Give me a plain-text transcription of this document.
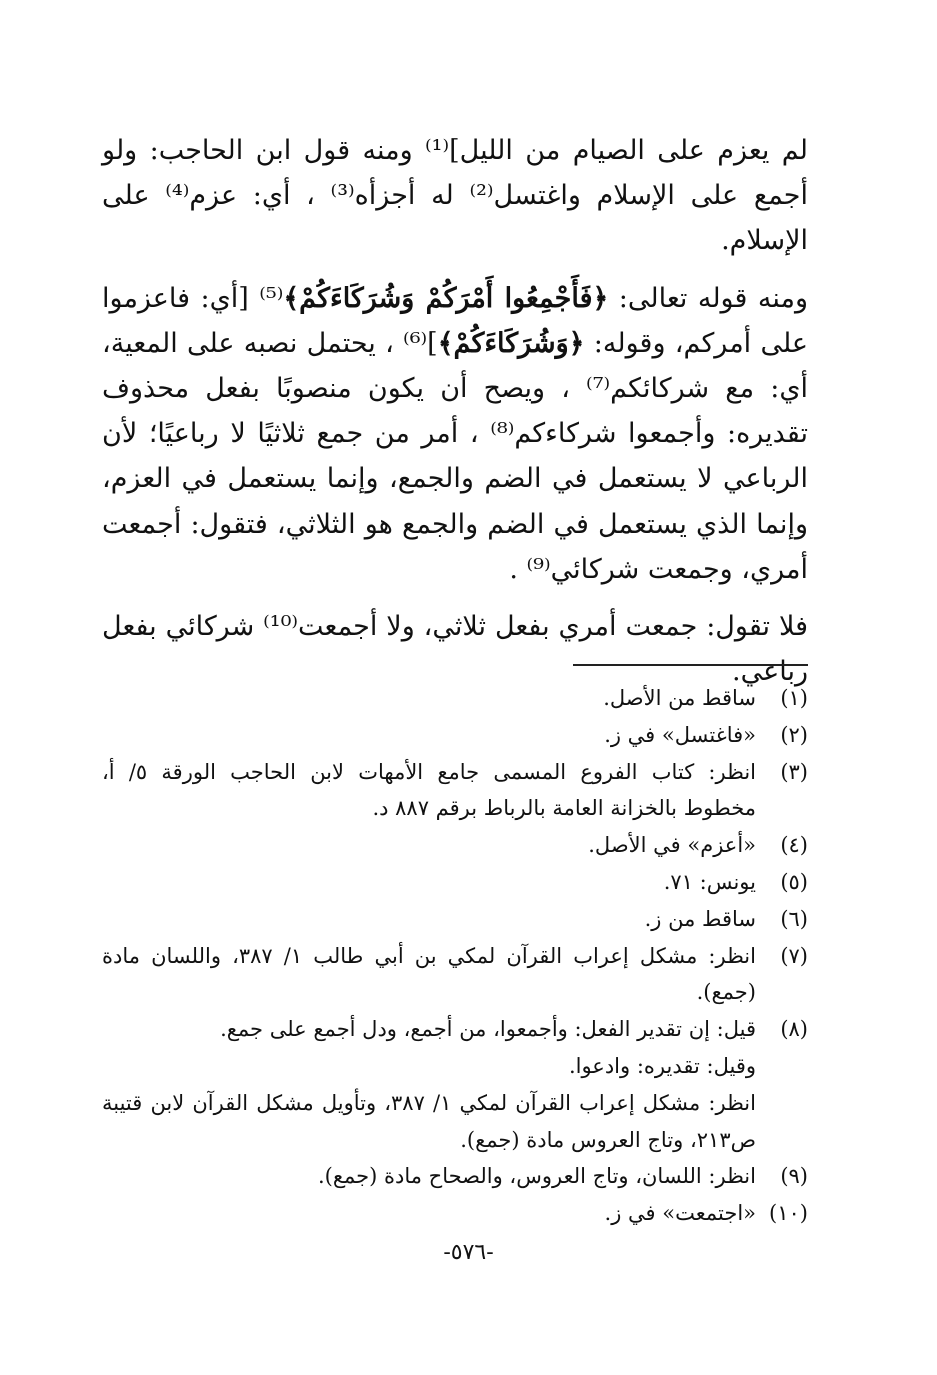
لم يعزم على الصيام من الليل]⁽¹⁾ ومنه قول ابن الحاجب: ولو أجمع على الإسلام واغتسل⁽²⁾ له أجزأه⁽³⁾ ، أي: عزم⁽⁴⁾ على الإسلام.

ومنه قوله تعالى: ﴿فَأَجْمِعُوا أَمْرَكُمْ وَشُرَكَاءَكُمْ﴾⁽⁵⁾ [أي: فاعزموا على أمركم، وقوله: ﴿وَشُرَكَاءَكُمْ﴾]⁽⁶⁾ ، يحتمل نصبه على المعية، أي: مع شركائكم⁽⁷⁾ ، ويصح أن يكون منصوبًا بفعل محذوف تقديره: وأجمعوا شركاءكم⁽⁸⁾ ، أمر من جمع ثلاثيًا لا رباعيًا؛ لأن الرباعي لا يستعمل في الضم والجمع، وإنما يستعمل في العزم، وإنما الذي يستعمل في الضم والجمع هو الثلاثي، فتقول: أجمعت أمري، وجمعت شركائي⁽⁹⁾ .

فلا تقول: جمعت أمري بفعل ثلاثي، ولا أجمعت⁽¹⁰⁾ شركائي بفعل رباعي.

(١)
ساقط من الأصل.
(٢)
«فاغتسل» في ز.
(٣)
انظر: كتاب الفروع المسمى جامع الأمهات لابن الحاجب الورقة ٥/ أ، مخطوط بالخزانة العامة بالرباط برقم ٨٨٧ د.
(٤)
«أعزم» في الأصل.
(٥)
يونس: ٧١.
(٦)
ساقط من ز.
(٧)
انظر: مشكل إعراب القرآن لمكي بن أبي طالب ١/ ٣٨٧، واللسان مادة (جمع).
(٨)
قيل: إن تقدير الفعل: وأجمعوا، من أجمع، ودل أجمع على جمع.
وقيل: تقديره: وادعوا.
انظر: مشكل إعراب القرآن لمكي ١/ ٣٨٧، وتأويل مشكل القرآن لابن قتيبة ص٢١٣، وتاج العروس مادة (جمع).
(٩)
انظر: اللسان، وتاج العروس، والصحاح مادة (جمع).
(١٠)
«اجتمعت» في ز.
-٥٧٦-
